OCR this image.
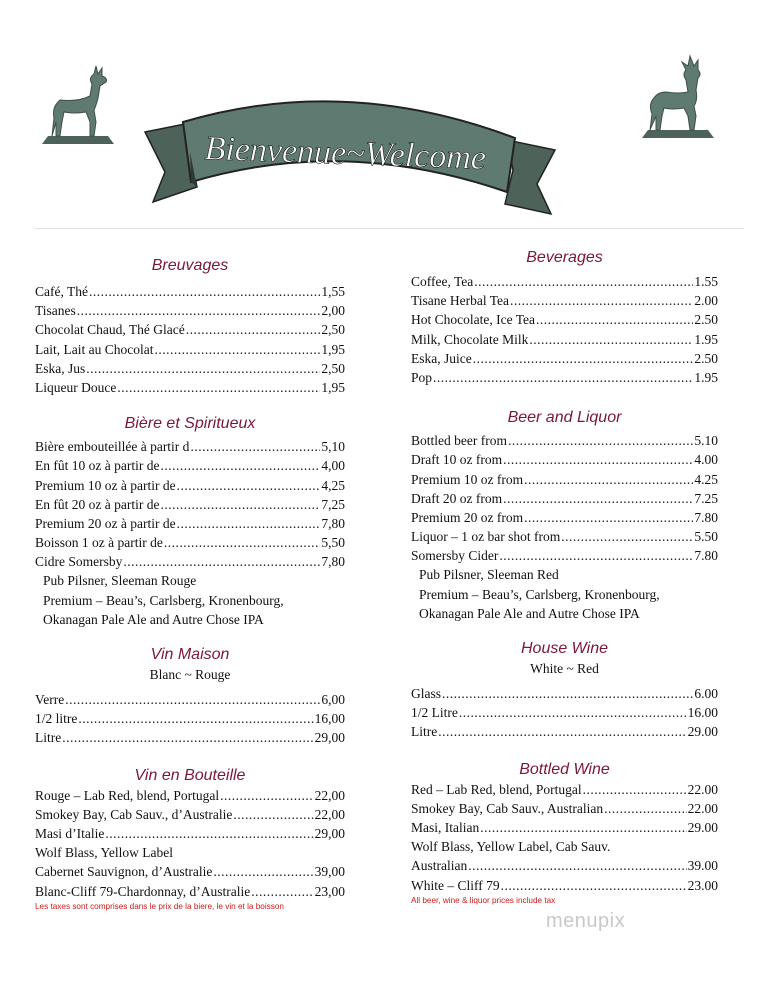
Bienvenue~Welcome
Breuvages
Café, Thé .....	1,55
Tisanes .....	2,00
Chocolat Chaud, Thé Glacé .....	2,50
Lait, Lait au Chocolat .....	1,95
Eska, Jus .....	2,50
Liqueur Douce .....	1,95
Bière et Spiritueux
Bière embouteillée à partir d .....	5,10
En fût 10 oz à partir de .....	4,00
Premium 10 oz à partir de .....	4,25
En fût 20 oz à partir de .....	7,25
Premium 20 oz à partir de .....	7,80
Boisson 1 oz à partir de .....	5,50
Cidre Somersby .....	7,80
Pub Pilsner, Sleeman Rouge
Premium – Beau’s, Carlsberg, Kronenbourg,
Okanagan Pale Ale and Autre Chose IPA
Vin Maison
Blanc ~ Rouge
Verre .....	6,00
1/2 litre .....	16,00
Litre .....	29,00
Vin en Bouteille
Rouge – Lab Red, blend, Portugal .....	22,00
Smokey Bay, Cab Sauv., d’Australie .....	22,00
Masi d’Italie .....	29,00
Wolf Blass, Yellow Label
Cabernet Sauvignon, d’Australie .....	39,00
Blanc-Cliff 79-Chardonnay, d’Australie .....	23,00
Les taxes sont comprises dans le prix de la biere, le vin et la boisson
Beverages
Coffee, Tea .....	1.55
Tisane Herbal Tea .....	2.00
Hot Chocolate, Ice Tea .....	2.50
Milk, Chocolate Milk .....	1.95
Eska, Juice .....	2.50
Pop .....	1.95
Beer and Liquor
Bottled beer from .....	5.10
Draft 10 oz from .....	4.00
Premium 10 oz from .....	4.25
Draft 20 oz from .....	7.25
Premium 20 oz from .....	7.80
Liquor – 1 oz bar shot from .....	5.50
Somersby Cider .....	7.80
Pub Pilsner, Sleeman Red
Premium – Beau’s, Carlsberg, Kronenbourg,
Okanagan Pale Ale and Autre Chose IPA
House Wine
White ~ Red
Glass .....	6.00
1/2 Litre .....	16.00
Litre .....	29.00
Bottled Wine
Red – Lab Red, blend, Portugal .....	22.00
Smokey Bay, Cab Sauv., Australian .....	22.00
Masi, Italian .....	29.00
Wolf Blass, Yellow Label, Cab Sauv.
Australian .....	39.00
White – Cliff 79 .....	23.00
All beer, wine & liquor prices include tax
menupix
